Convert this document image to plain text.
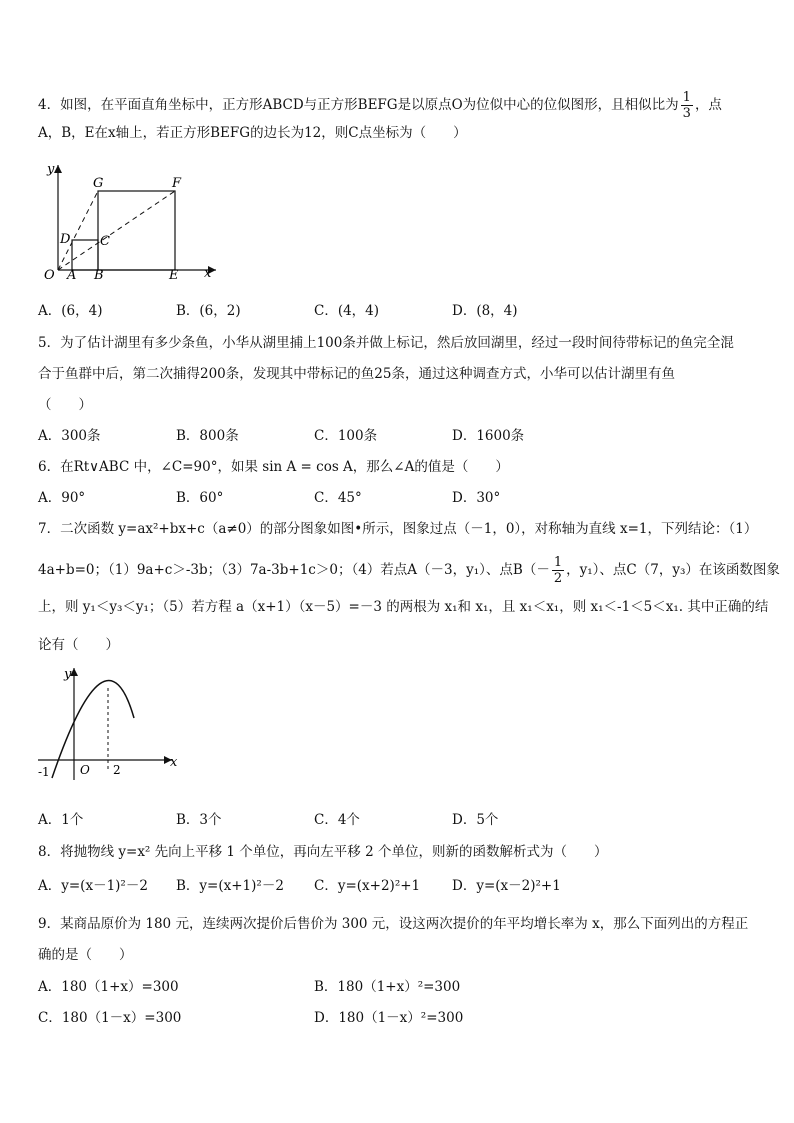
4．如图，在平面直角坐标中，正方形ABCD与正方形BEFG是以原点O为位似中心的位似图形，且相似比为 $\frac{1}{3}$ ，点
A，B，E在x轴上，若正方形BEFG的边长为12，则C点坐标为（　　）
y
x
G	F
D C
O A B	E
A．(6，4)	B．(6，2)	C．(4，4)	D．(8，4)
5．为了估计湖里有多少条鱼，小华从湖里捕上100条并做上标记，然后放回湖里，经过一段时间待带标记的鱼完全混
合于鱼群中后，第二次捕得200条，发现其中带标记的鱼25条，通过这种调查方式，小华可以估计湖里有鱼
（　　）
A．300条	B．800条	C．100条	D．1600条
6．在Rt∨ABC 中，∠C=90°，如果 sin A = cos A，那么∠A的值是（　　）
A．90°	B．60°	C．45°	D．30°
7．二次函数 y=ax²+bx+c（a≠0）的部分图象如图•所示，图象过点（－1，0），对称轴为直线 x=1，下列结论：（1）
4a+b=0；（1）9a+c＞-3b；（3）7a-3b+1c＞0；（4）若点A（－3，y₁）、点$B(- \frac{1}{2}$ ，y₁）、点C（7，y₃）在该函数图象
上，则 y₁＜y₃＜y₁；（5）若方程 a（x+1）（x－5）=－3 的两根为 x₁和 x₁，且 x₁＜x₁，则 x₁＜-1＜5＜x₁. 其中正确的结
论有（　　）
y
x
-1	O 2
A．1个	B．3个	C．4个	D．5个
8．将抛物线 y=x² 先向上平移 1 个单位，再向左平移 2 个单位，则新的函数解析式为（　　）
A．y=(x－1)²－2 B．y=(x+1)²－2 C．y=(x+2)²+1 D．y=(x－2)²+1
9．某商品原价为 180 元，连续两次提价后售价为 300 元，设这两次提价的年平均增长率为 x，那么下面列出的方程正
确的是（　　）
A．180（1+x）=300	B．180（1+x）²=300
C．180（1－x）=300	D．180（1－x）²=300
